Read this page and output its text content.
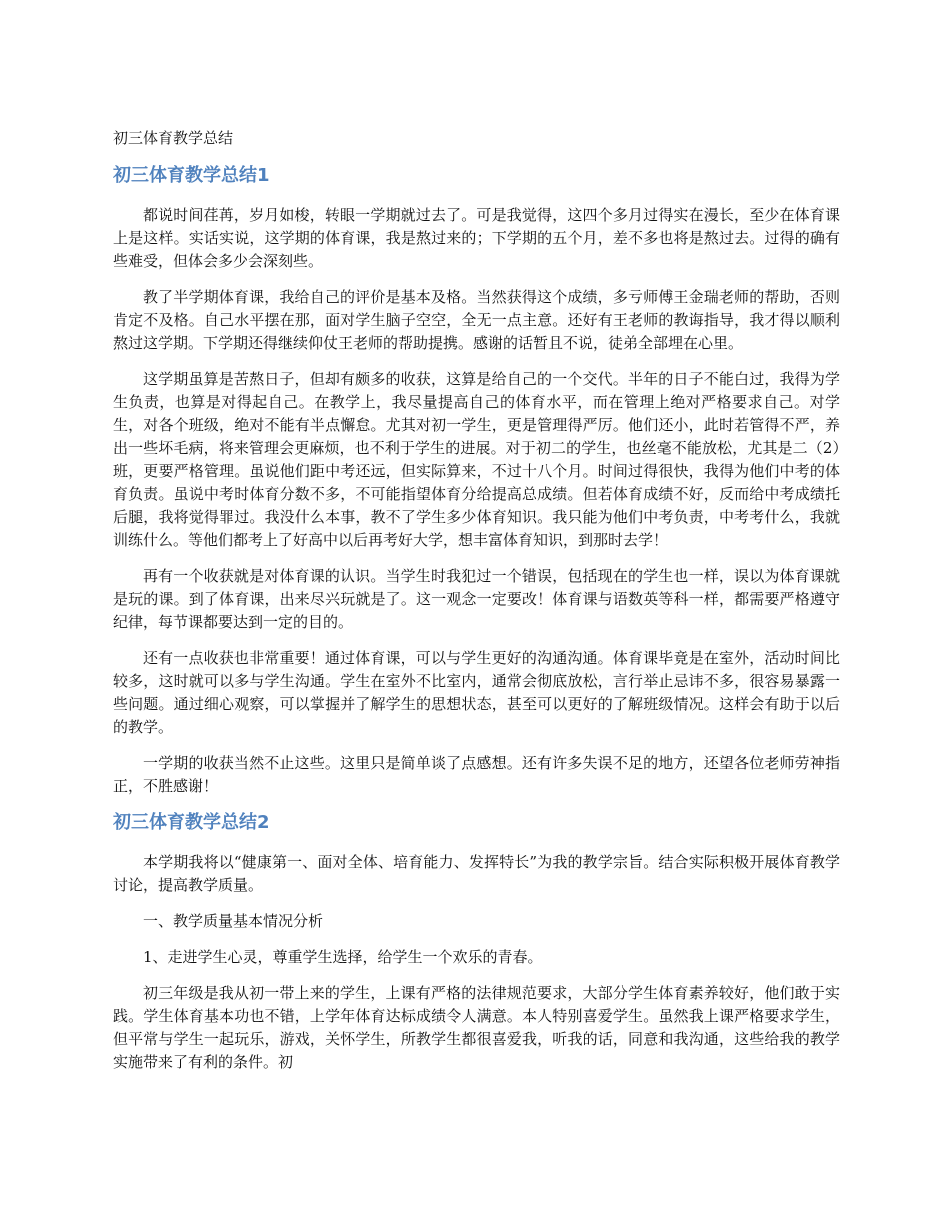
初三体育教学总结
初三体育教学总结1

都说时间荏苒，岁月如梭，转眼一学期就过去了。可是我觉得，这四个多月过得实在漫长，至少在体育课上是这样。实话实说，这学期的体育课，我是熬过来的；下学期的五个月，差不多也将是熬过去。过得的确有些难受，但体会多少会深刻些。

教了半学期体育课，我给自己的评价是基本及格。当然获得这个成绩，多亏师傅王金瑞老师的帮助，否则肯定不及格。自己水平摆在那，面对学生脑子空空，全无一点主意。还好有王老师的教诲指导，我才得以顺利熬过这学期。下学期还得继续仰仗王老师的帮助提携。感谢的话暂且不说，徒弟全部埋在心里。

这学期虽算是苦熬日子，但却有颇多的收获，这算是给自己的一个交代。半年的日子不能白过，我得为学生负责，也算是对得起自己。在教学上，我尽量提高自己的体育水平，而在管理上绝对严格要求自己。对学生，对各个班级，绝对不能有半点懈怠。尤其对初一学生，更是管理得严厉。他们还小，此时若管得不严，养出一些坏毛病，将来管理会更麻烦，也不利于学生的进展。对于初二的学生，也丝毫不能放松，尤其是二（2）班，更要严格管理。虽说他们距中考还远，但实际算来，不过十八个月。时间过得很快，我得为他们中考的体育负责。虽说中考时体育分数不多，不可能指望体育分给提高总成绩。但若体育成绩不好，反而给中考成绩托后腿，我将觉得罪过。我没什么本事，教不了学生多少体育知识。我只能为他们中考负责，中考考什么，我就训练什么。等他们都考上了好高中以后再考好大学，想丰富体育知识，到那时去学！

再有一个收获就是对体育课的认识。当学生时我犯过一个错误，包括现在的学生也一样，误以为体育课就是玩的课。到了体育课，出来尽兴玩就是了。这一观念一定要改！体育课与语数英等科一样，都需要严格遵守纪律，每节课都要达到一定的目的。

还有一点收获也非常重要！通过体育课，可以与学生更好的沟通沟通。体育课毕竟是在室外，活动时间比较多，这时就可以多与学生沟通。学生在室外不比室内，通常会彻底放松，言行举止忌讳不多，很容易暴露一些问题。通过细心观察，可以掌握并了解学生的思想状态，甚至可以更好的了解班级情况。这样会有助于以后的教学。

一学期的收获当然不止这些。这里只是简单谈了点感想。还有许多失误不足的地方，还望各位老师劳神指正，不胜感谢！

初三体育教学总结2

本学期我将以“健康第一、面对全体、培育能力、发挥特长”为我的教学宗旨。结合实际积极开展体育教学讨论，提高教学质量。

一、教学质量基本情况分析

1、走进学生心灵，尊重学生选择，给学生一个欢乐的青春。

初三年级是我从初一带上来的学生，上课有严格的法律规范要求，大部分学生体育素养较好，他们敢于实践。学生体育基本功也不错，上学年体育达标成绩令人满意。本人特别喜爱学生。虽然我上课严格要求学生，但平常与学生一起玩乐，游戏，关怀学生，所教学生都很喜爱我，听我的话，同意和我沟通，这些给我的教学实施带来了有利的条件。初
